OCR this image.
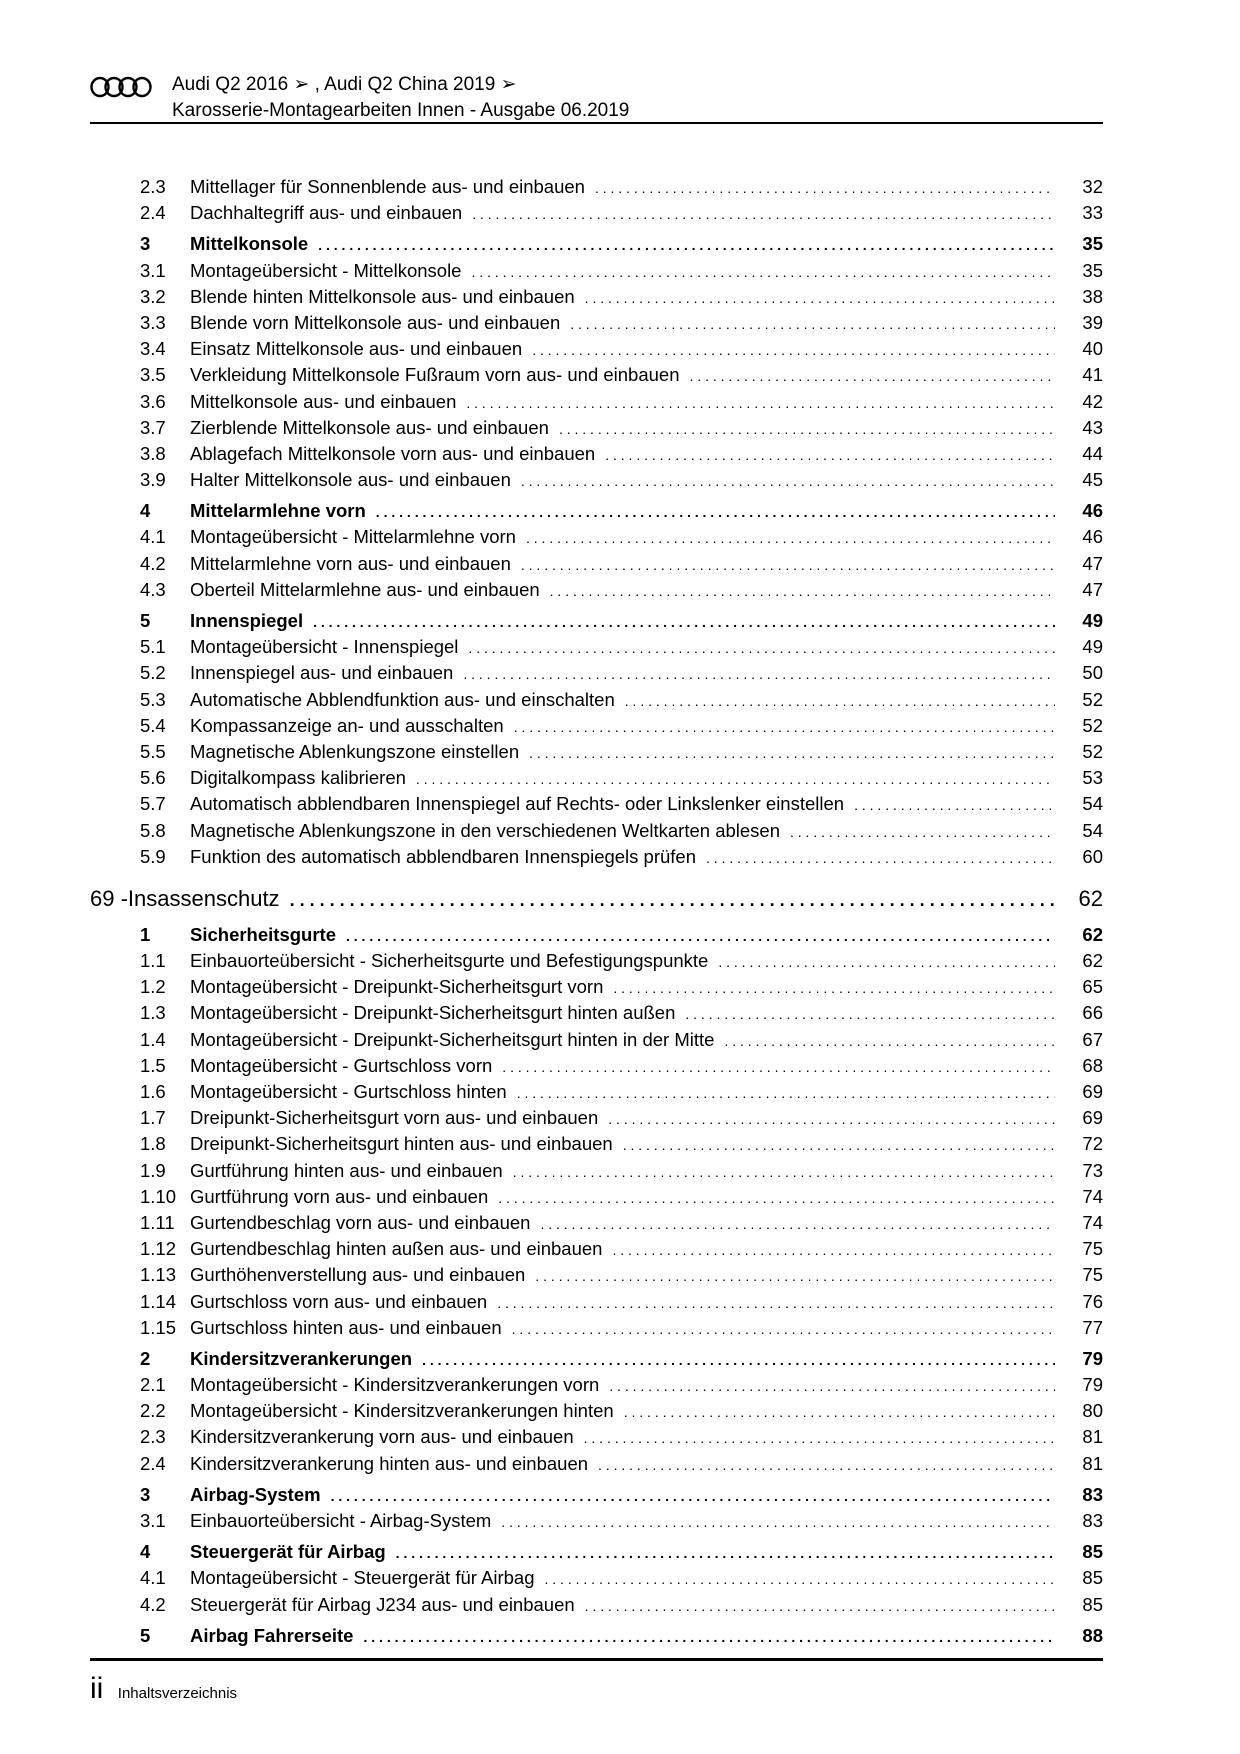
Audi Q2 2016 ➢ , Audi Q2 China 2019 ➢
Karosserie-Montagearbeiten Innen - Ausgabe 06.2019
2.3	Mittellager für Sonnenblende aus- und einbauen . . .	32
2.4	Dachhaltegriff aus- und einbauen . . .	33
3	Mittelkonsole . . .	35
3.1	Montageübersicht - Mittelkonsole . . .	35
3.2	Blende hinten Mittelkonsole aus- und einbauen . . .	38
3.3	Blende vorn Mittelkonsole aus- und einbauen . . .	39
3.4	Einsatz Mittelkonsole aus- und einbauen . . .	40
3.5	Verkleidung Mittelkonsole Fußraum vorn aus- und einbauen . . .	41
3.6	Mittelkonsole aus- und einbauen . . .	42
3.7	Zierblende Mittelkonsole aus- und einbauen . . .	43
3.8	Ablagefach Mittelkonsole vorn aus- und einbauen . . .	44
3.9	Halter Mittelkonsole aus- und einbauen . . .	45
4	Mittelarmlehne vorn . . .	46
4.1	Montageübersicht - Mittelarmlehne vorn . . .	46
4.2	Mittelarmlehne vorn aus- und einbauen . . .	47
4.3	Oberteil Mittelarmlehne aus- und einbauen . . .	47
5	Innenspiegel . . .	49
5.1	Montageübersicht - Innenspiegel . . .	49
5.2	Innenspiegel aus- und einbauen . . .	50
5.3	Automatische Abblendfunktion aus- und einschalten . . .	52
5.4	Kompassanzeige an- und ausschalten . . .	52
5.5	Magnetische Ablenkungszone einstellen . . .	52
5.6	Digitalkompass kalibrieren . . .	53
5.7	Automatisch abblendbaren Innenspiegel auf Rechts- oder Linkslenker einstellen . . .	54
5.8	Magnetische Ablenkungszone in den verschiedenen Weltkarten ablesen . . .	54
5.9	Funktion des automatisch abblendbaren Innenspiegels prüfen . . .	60
69 - Insassenschutz . . .	62
1	Sicherheitsgurte . . .	62
1.1	Einbauorteübersicht - Sicherheitsgurte und Befestigungspunkte . . .	62
1.2	Montageübersicht - Dreipunkt-Sicherheitsgurt vorn . . .	65
1.3	Montageübersicht - Dreipunkt-Sicherheitsgurt hinten außen . . .	66
1.4	Montageübersicht - Dreipunkt-Sicherheitsgurt hinten in der Mitte . . .	67
1.5	Montageübersicht - Gurtschloss vorn . . .	68
1.6	Montageübersicht - Gurtschloss hinten . . .	69
1.7	Dreipunkt-Sicherheitsgurt vorn aus- und einbauen . . .	69
1.8	Dreipunkt-Sicherheitsgurt hinten aus- und einbauen . . .	72
1.9	Gurtführung hinten aus- und einbauen . . .	73
1.10 Gurtführung vorn aus- und einbauen . . .	74
1.11 Gurtendbeschlag vorn aus- und einbauen . . .	74
1.12 Gurtendbeschlag hinten außen aus- und einbauen . . .	75
1.13 Gurthöhenverstellung aus- und einbauen . . .	75
1.14 Gurtschloss vorn aus- und einbauen . . .	76
1.15 Gurtschloss hinten aus- und einbauen . . .	77
2	Kindersitzverankerungen . . .	79
2.1	Montageübersicht - Kindersitzverankerungen vorn . . .	79
2.2	Montageübersicht - Kindersitzverankerungen hinten . . .	80
2.3	Kindersitzverankerung vorn aus- und einbauen . . .	81
2.4	Kindersitzverankerung hinten aus- und einbauen . . .	81
3	Airbag-System . . .	83
3.1	Einbauorteübersicht - Airbag-System . . .	83
4	Steuergerät für Airbag . . .	85
4.1	Montageübersicht - Steuergerät für Airbag . . .	85
4.2	Steuergerät für Airbag J234 aus- und einbauen . . .	85
5	Airbag Fahrerseite . . .	88
ii Inhaltsverzeichnis
